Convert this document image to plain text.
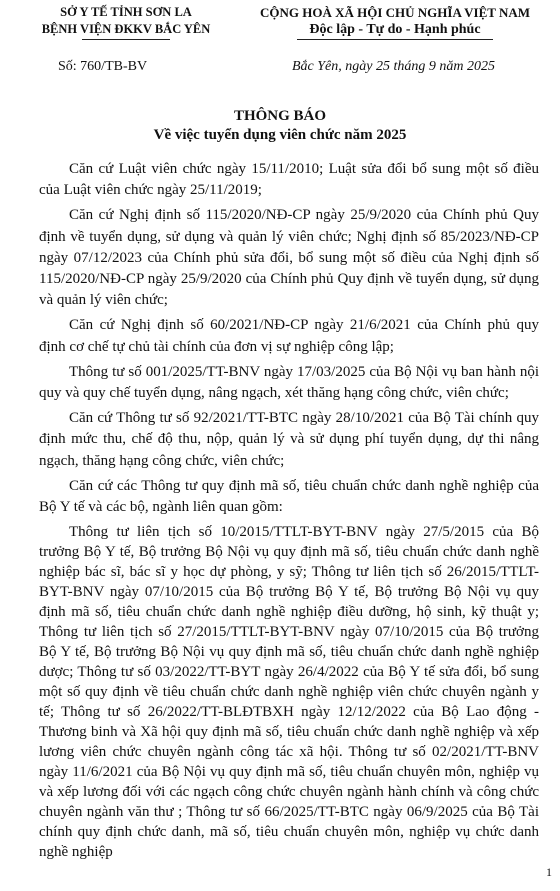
SỞ Y TẾ TỈNH SƠN LA
BỆNH VIỆN ĐKKV BẮC YÊN
CỘNG HOÀ XÃ HỘI CHỦ NGHĨA VIỆT NAM
Độc lập - Tự do - Hạnh phúc
Số: 760/TB-BV	Bắc Yên, ngày 25 tháng 9 năm 2025
THÔNG BÁO
Về việc tuyển dụng viên chức năm 2025

Căn cứ Luật viên chức ngày 15/11/2010; Luật sửa đổi bổ sung một số điều của Luật viên chức ngày 25/11/2019;

Căn cứ Nghị định số 115/2020/NĐ-CP ngày 25/9/2020 của Chính phủ Quy định về tuyển dụng, sử dụng và quản lý viên chức; Nghị định số 85/2023/NĐ-CP ngày 07/12/2023 của Chính phủ sửa đổi, bổ sung một số điều của Nghị định số 115/2020/NĐ-CP ngày 25/9/2020 của Chính phủ Quy định về tuyển dụng, sử dụng và quản lý viên chức;

Căn cứ Nghị định số 60/2021/NĐ-CP ngày 21/6/2021 của Chính phủ quy định cơ chế tự chủ tài chính của đơn vị sự nghiệp công lập;

Thông tư số 001/2025/TT-BNV ngày 17/03/2025 của Bộ Nội vụ ban hành nội quy và quy chế tuyển dụng, nâng ngạch, xét thăng hạng công chức, viên chức;

Căn cứ Thông tư số 92/2021/TT-BTC ngày 28/10/2021 của Bộ Tài chính quy định mức thu, chế độ thu, nộp, quản lý và sử dụng phí tuyển dụng, dự thi nâng ngạch, thăng hạng công chức, viên chức;

Căn cứ các Thông tư quy định mã số, tiêu chuẩn chức danh nghề nghiệp của Bộ Y tế và các bộ, ngành liên quan gồm:

Thông tư liên tịch số 10/2015/TTLT-BYT-BNV ngày 27/5/2015 của Bộ trưởng Bộ Y tế, Bộ trưởng Bộ Nội vụ quy định mã số, tiêu chuẩn chức danh nghề nghiệp bác sĩ, bác sĩ y học dự phòng, y sỹ; Thông tư liên tịch số 26/2015/TTLT-BYT-BNV ngày 07/10/2015 của Bộ trưởng Bộ Y tế, Bộ trưởng Bộ Nội vụ quy định mã số, tiêu chuẩn chức danh nghề nghiệp điều dưỡng, hộ sinh, kỹ thuật y; Thông tư liên tịch số 27/2015/TTLT-BYT-BNV ngày 07/10/2015 của Bộ trưởng Bộ Y tế, Bộ trưởng Bộ Nội vụ quy định mã số, tiêu chuẩn chức danh nghề nghiệp dược; Thông tư số 03/2022/TT-BYT ngày 26/4/2022 của Bộ Y tế sửa đổi, bổ sung một số quy định về tiêu chuẩn chức danh nghề nghiệp viên chức chuyên ngành y tế; Thông tư số 26/2022/TT-BLĐTBXH ngày 12/12/2022 của Bộ Lao động - Thương binh và Xã hội quy định mã số, tiêu chuẩn chức danh nghề nghiệp và xếp lương viên chức chuyên ngành công tác xã hội. Thông tư số 02/2021/TT-BNV ngày 11/6/2021 của Bộ Nội vụ quy định mã số, tiêu chuẩn chuyên môn, nghiệp vụ và xếp lương đối với các ngạch công chức chuyên ngành hành chính và công chức chuyên ngành văn thư ; Thông tư số 66/2025/TT-BTC ngày 06/9/2025 của Bộ Tài chính quy định chức danh, mã số, tiêu chuẩn chuyên môn, nghiệp vụ chức danh nghề nghiệp

1
